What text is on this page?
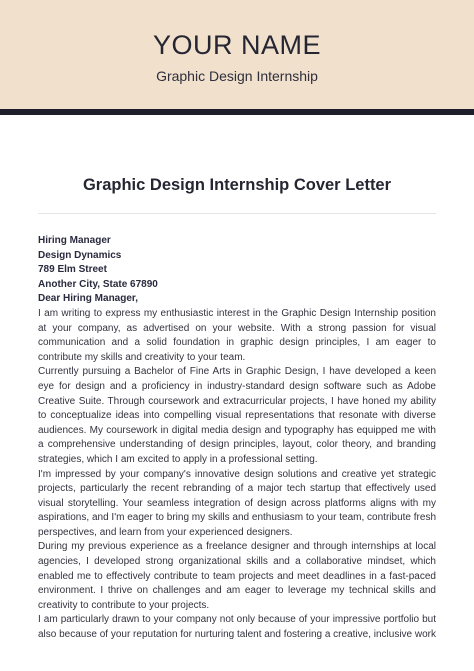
YOUR NAME
Graphic Design Internship
Graphic Design Internship Cover Letter
Hiring Manager
Design Dynamics
789 Elm Street
Another City, State 67890
Dear Hiring Manager,
I am writing to express my enthusiastic interest in the Graphic Design Internship position at your company, as advertised on your website. With a strong passion for visual communication and a solid foundation in graphic design principles, I am eager to contribute my skills and creativity to your team.
Currently pursuing a Bachelor of Fine Arts in Graphic Design, I have developed a keen eye for design and a proficiency in industry-standard design software such as Adobe Creative Suite. Through coursework and extracurricular projects, I have honed my ability to conceptualize ideas into compelling visual representations that resonate with diverse audiences. My coursework in digital media design and typography has equipped me with a comprehensive understanding of design principles, layout, color theory, and branding strategies, which I am excited to apply in a professional setting.
I'm impressed by your company's innovative design solutions and creative yet strategic projects, particularly the recent rebranding of a major tech startup that effectively used visual storytelling. Your seamless integration of design across platforms aligns with my aspirations, and I'm eager to bring my skills and enthusiasm to your team, contribute fresh perspectives, and learn from your experienced designers.
During my previous experience as a freelance designer and through internships at local agencies, I developed strong organizational skills and a collaborative mindset, which enabled me to effectively contribute to team projects and meet deadlines in a fast-paced environment. I thrive on challenges and am eager to leverage my technical skills and creativity to contribute to your projects.
I am particularly drawn to your company not only because of your impressive portfolio but also because of your reputation for nurturing talent and fostering a creative, inclusive work
